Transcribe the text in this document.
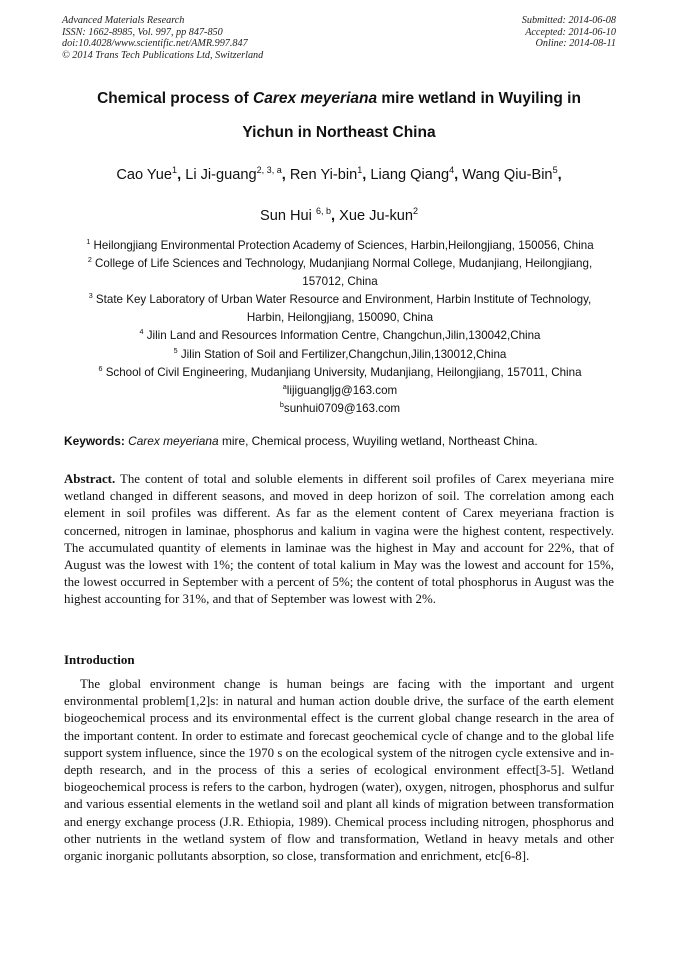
Advanced Materials Research
ISSN: 1662-8985, Vol. 997, pp 847-850
doi:10.4028/www.scientific.net/AMR.997.847
© 2014 Trans Tech Publications Ltd, Switzerland
Submitted: 2014-06-08
Accepted: 2014-06-10
Online: 2014-08-11
Chemical process of Carex meyeriana mire wetland in Wuyiling in
Yichun in Northeast China
Cao Yue$^1$, Li Ji-guang$^{2, 3, a}$, Ren Yi-bin$^1$, Liang Qiang$^4$, Wang Qiu-Bin$^5$,
Sun Hui $^{6, b}$, Xue Ju-kun$^2$
$^1$ Heilongjiang Environmental Protection Academy of Sciences, Harbin,Heilongjiang, 150056, China
$^2$ College of Life Sciences and Technology, Mudanjiang Normal College, Mudanjiang, Heilongjiang,
157012, China
$^3$ State Key Laboratory of Urban Water Resource and Environment, Harbin Institute of Technology,
Harbin, Heilongjiang, 150090, China
$^4$ Jilin Land and Resources Information Centre, Changchun,Jilin,130042,China
$^5$ Jilin Station of Soil and Fertilizer,Changchun,Jilin,130012,China
$^6$ School of Civil Engineering, Mudanjiang University, Mudanjiang, Heilongjiang, 157011, China
$^a$lijiguangljg@163.com
$^b$sunhui0709@163.com
Keywords: Carex meyeriana mire, Chemical process, Wuyiling wetland, Northeast China.
Abstract. The content of total and soluble elements in different soil profiles of Carex meyeriana mire wetland changed in different seasons, and moved in deep horizon of soil. The correlation among each element in soil profiles was different. As far as the element content of Carex meyeriana fraction is concerned, nitrogen in laminae, phosphorus and kalium in vagina were the highest content, respectively. The accumulated quantity of elements in laminae was the highest in May and account for 22%, that of August was the lowest with 1%; the content of total kalium in May was the lowest and account for 15%, the lowest occurred in September with a percent of 5%; the content of total phosphorus in August was the highest accounting for 31%, and that of September was lowest with 2%.
Introduction
The global environment change is human beings are facing with the important and urgent environmental problem[1,2]s: in natural and human action double drive, the surface of the earth element biogeochemical process and its environmental effect is the current global change research in the area of the important content. In order to estimate and forecast geochemical cycle of change and to the global life support system influence, since the 1970 s on the ecological system of the nitrogen cycle extensive and in-depth research, and in the process of this a series of ecological environment effect[3-5]. Wetland biogeochemical process is refers to the carbon, hydrogen (water), oxygen, nitrogen, phosphorus and sulfur and various essential elements in the wetland soil and plant all kinds of migration between transformation and energy exchange process (J.R. Ethiopia, 1989). Chemical process including nitrogen, phosphorus and other nutrients in the wetland system of flow and transformation, Wetland in heavy metals and other organic inorganic pollutants absorption, so close, transformation and enrichment, etc[6-8].
